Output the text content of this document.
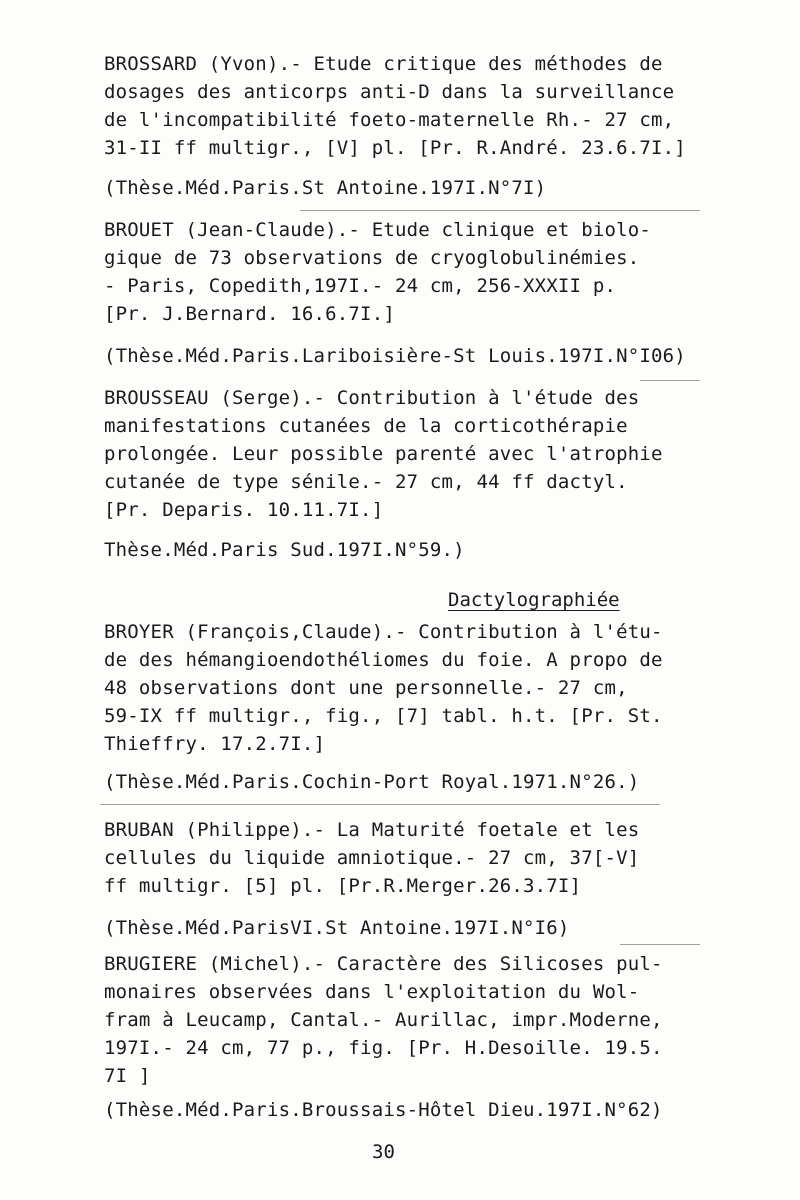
BROSSARD (Yvon).- Etude critique des méthodes de
dosages des anticorps anti-D dans la surveillance
de l'incompatibilité foeto-maternelle Rh.- 27 cm,
31-II ff multigr., [V] pl. [Pr. R.André. 23.6.7I.]
(Thèse.Méd.Paris.St Antoine.197I.N°7I)
BROUET (Jean-Claude).- Etude clinique et biolo-
gique de 73 observations de cryoglobulinémies.
- Paris, Copedith,197I.- 24 cm, 256-XXXII p.
[Pr. J.Bernard. 16.6.7I.]
(Thèse.Méd.Paris.Lariboisière-St Louis.197I.N°I06)
BROUSSEAU (Serge).- Contribution à l'étude des
manifestations cutanées de la corticothérapie
prolongée. Leur possible parenté avec l'atrophie
cutanée de type sénile.- 27 cm, 44 ff dactyl.
[Pr. Deparis. 10.11.7I.]
Thèse.Méd.Paris Sud.197I.N°59.)
Dactylographiée
BROYER (François,Claude).- Contribution à l'étu-
de des hémangioendothéliomes du foie. A propo de
48 observations dont une personnelle.- 27 cm,
59-IX ff multigr., fig., [7] tabl. h.t. [Pr. St.
Thieffry. 17.2.7I.]
(Thèse.Méd.Paris.Cochin-Port Royal.1971.N°26.)
BRUBAN (Philippe).- La Maturité foetale et les
cellules du liquide amniotique.- 27 cm, 37[-V]
ff multigr. [5] pl. [Pr.R.Merger.26.3.7I]
(Thèse.Méd.ParisVI.St Antoine.197I.N°I6)
BRUGIERE (Michel).- Caractère des Silicoses pul-
monaires observées dans l'exploitation du Wol-
fram à Leucamp, Cantal.- Aurillac, impr.Moderne,
197I.- 24 cm, 77 p., fig. [Pr. H.Desoille. 19.5.
7I ]
(Thèse.Méd.Paris.Broussais-Hôtel Dieu.197I.N°62)
30
